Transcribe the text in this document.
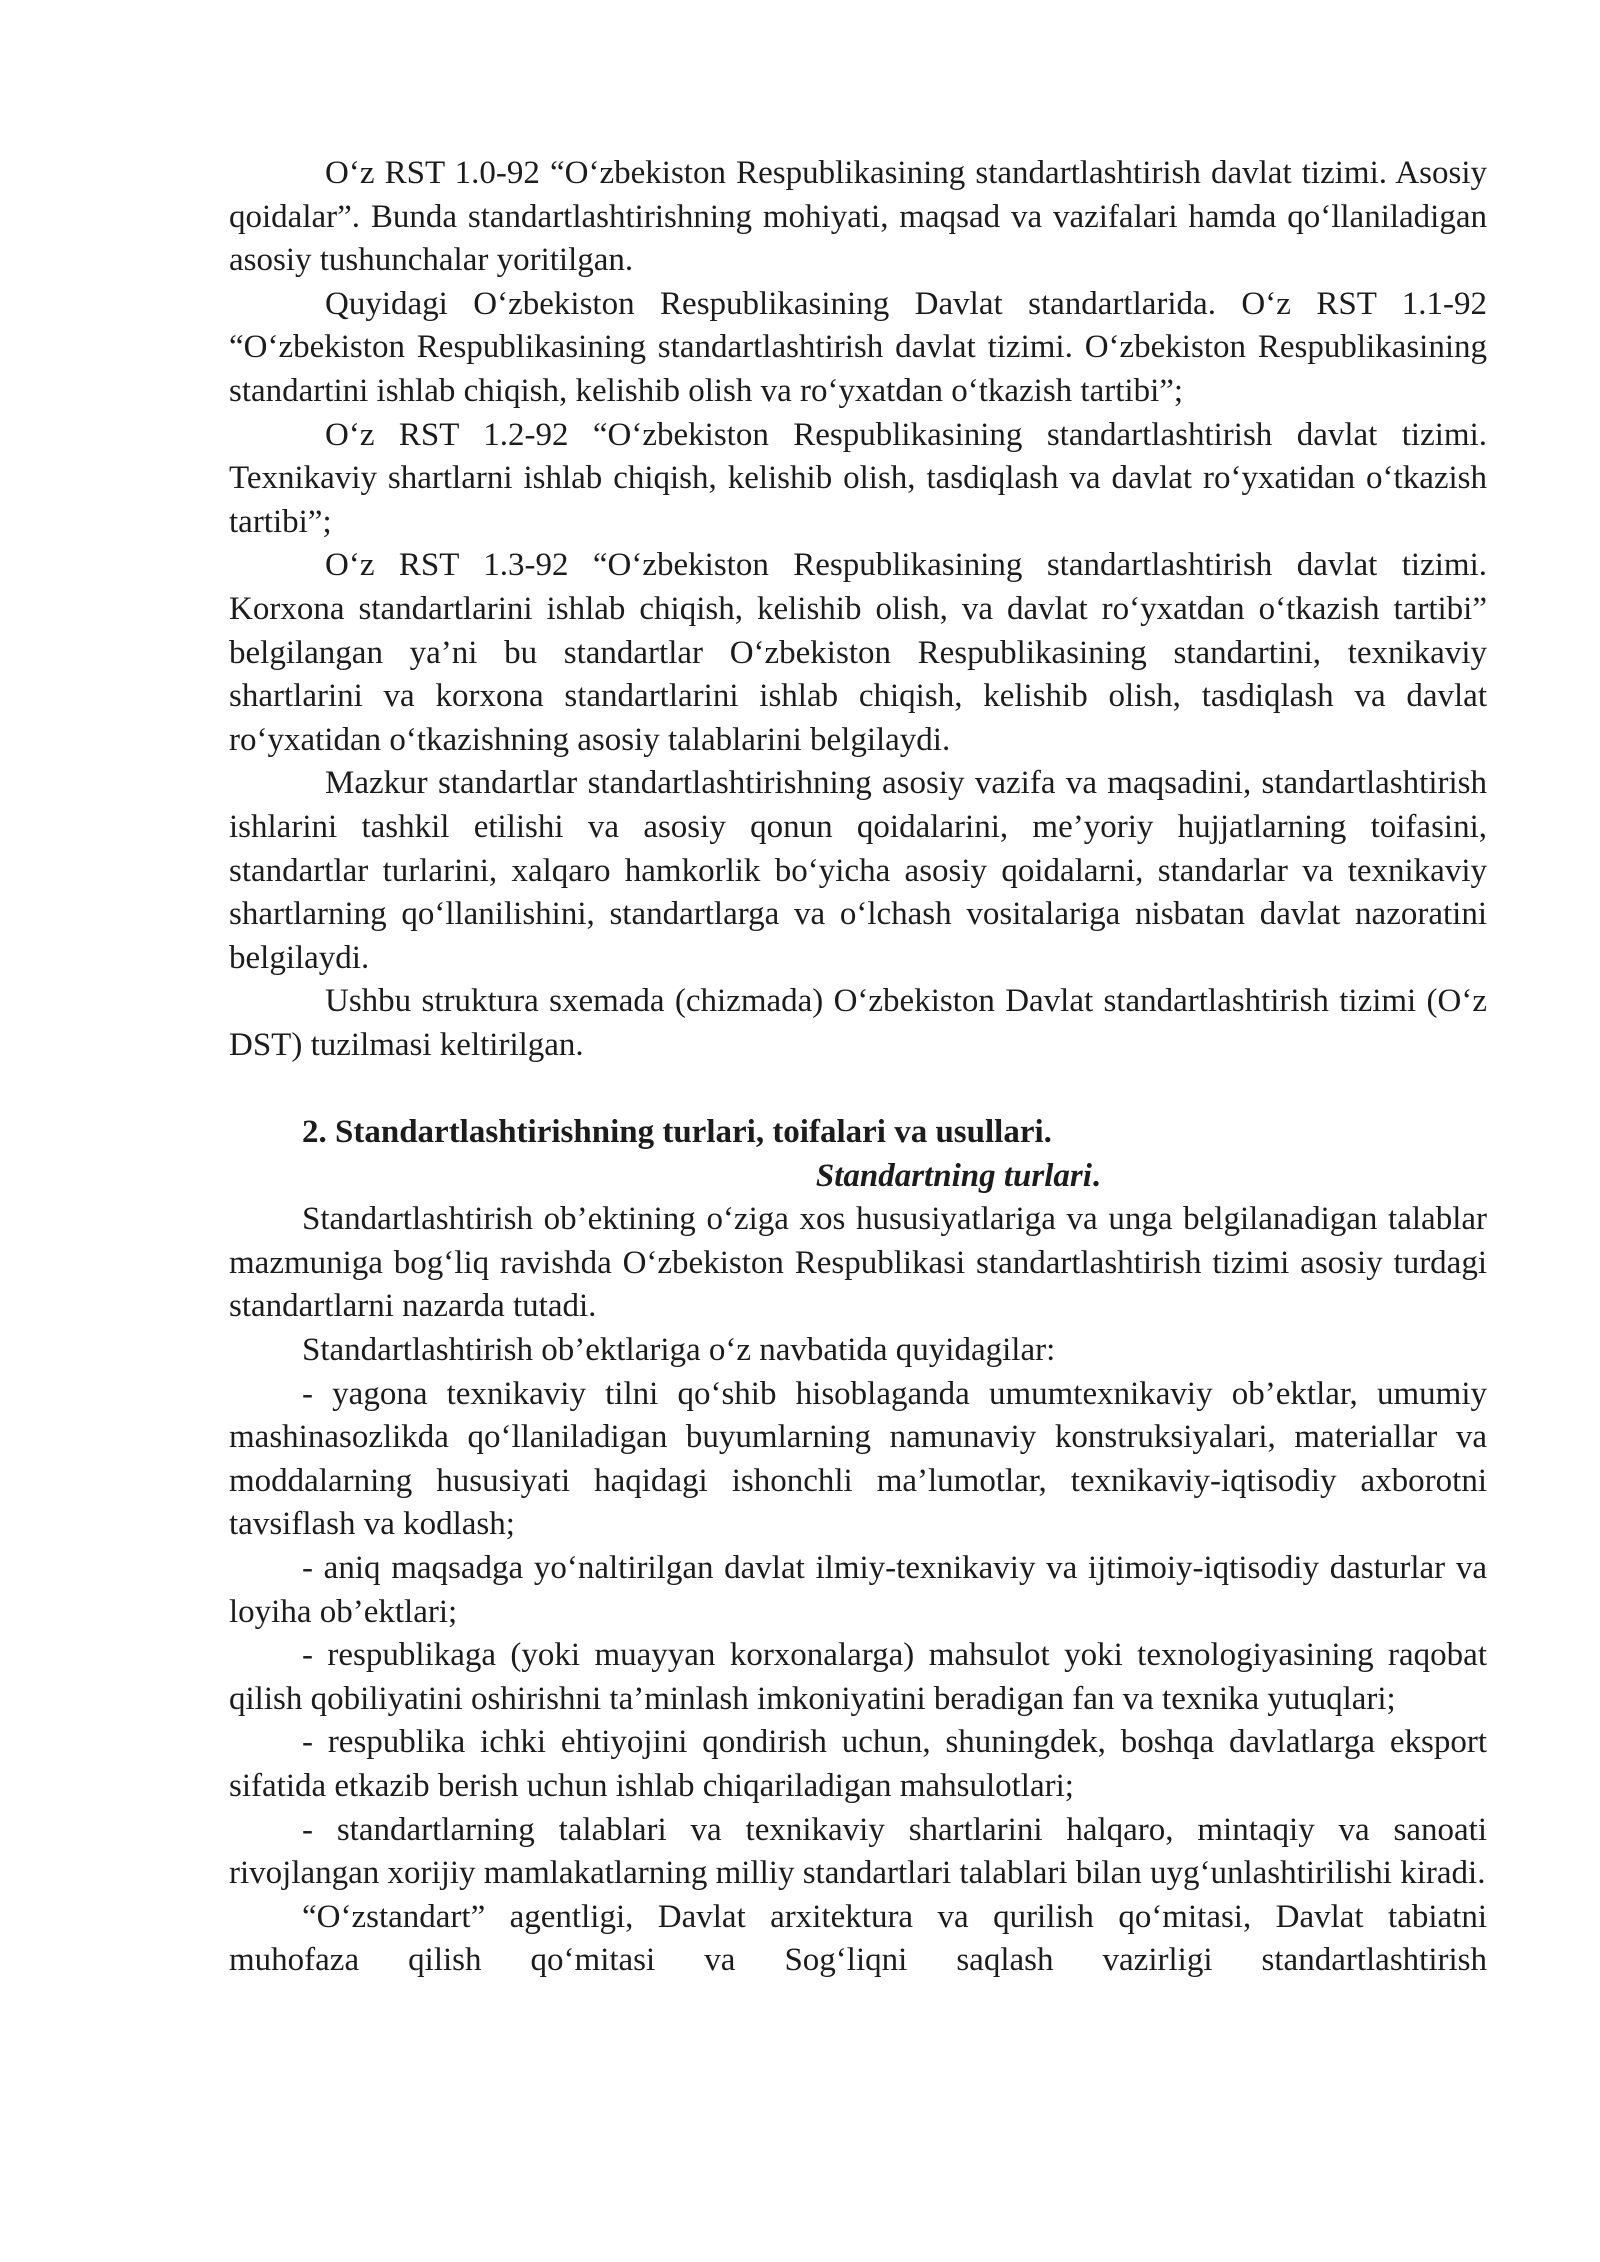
O‘z RST 1.0-92 “O‘zbekiston Respublikasining standartlashtirish davlat tizimi. Asosiy qoidalar”. Bunda standartlashtirishning mohiyati, maqsad va vazifalari hamda qo‘llaniladigan asosiy tushunchalar yoritilgan.

Quyidagi O‘zbekiston Respublikasining Davlat standartlarida. O‘z RST 1.1-92 “O‘zbekiston Respublikasining standartlashtirish davlat tizimi. O‘zbekiston Respublikasining standartini ishlab chiqish, kelishib olish va ro‘yxatdan o‘tkazish tartibi”;

O‘z RST 1.2-92 “O‘zbekiston Respublikasining standartlashtirish davlat tizimi. Texnikaviy shartlarni ishlab chiqish, kelishib olish, tasdiqlash va davlat ro‘yxatidan o‘tkazish tartibi”;

O‘z RST 1.3-92 “O‘zbekiston Respublikasining standartlashtirish davlat tizimi. Korxona standartlarini ishlab chiqish, kelishib olish, va davlat ro‘yxatdan o‘tkazish tartibi” belgilangan ya’ni bu standartlar O‘zbekiston Respublikasining standartini, texnikaviy shartlarini va korxona standartlarini ishlab chiqish, kelishib olish, tasdiqlash va davlat ro‘yxatidan o‘tkazishning asosiy talablarini belgilaydi.

Mazkur standartlar standartlashtirishning asosiy vazifa va maqsadini, standartlashtirish ishlarini tashkil etilishi va asosiy qonun qoidalarini, me’yoriy hujjatlarning toifasini, standartlar turlarini, xalqaro hamkorlik bo‘yicha asosiy qoidalarni, standarlar va texnikaviy shartlarning qo‘llanilishini, standartlarga va o‘lchash vositalariga nisbatan davlat nazoratini belgilaydi.

Ushbu struktura sxemada (chizmada) O‘zbekiston Davlat standartlashtirish tizimi (O‘z DST) tuzilmasi keltirilgan.

2. Standartlashtirishning turlari, toifalari va usullari.

Standartning turlari.

Standartlashtirish ob’ektining o‘ziga xos hususiyatlariga va unga belgilanadigan talablar mazmuniga bog‘liq ravishda O‘zbekiston Respublikasi standartlashtirish tizimi asosiy turdagi standartlarni nazarda tutadi.

Standartlashtirish ob’ektlariga o‘z navbatida quyidagilar:

- yagona texnikaviy tilni qo‘shib hisoblaganda umumtexnikaviy ob’ektlar, umumiy mashinasozlikda qo‘llaniladigan buyumlarning namunaviy konstruksiyalari, materiallar va moddalarning hususiyati haqidagi ishonchli ma’lumotlar, texnikaviy-iqtisodiy axborotni tavsiflash va kodlash;

- aniq maqsadga yo‘naltirilgan davlat ilmiy-texnikaviy va ijtimoiy-iqtisodiy dasturlar va loyiha ob’ektlari;

- respublikaga (yoki muayyan korxonalarga) mahsulot yoki texnologiyasining raqobat qilish qobiliyatini oshirishni ta’minlash imkoniyatini beradigan fan va texnika yutuqlari;

- respublika ichki ehtiyojini qondirish uchun, shuningdek, boshqa davlatlarga eksport sifatida etkazib berish uchun ishlab chiqariladigan mahsulotlari;

- standartlarning talablari va texnikaviy shartlarini halqaro, mintaqiy va sanoati rivojlangan xorijiy mamlakatlarning milliy standartlari talablari bilan uyg‘unlashtirilishi kiradi.

“O‘zstandart” agentligi, Davlat arxitektura va qurilish qo‘mitasi, Davlat tabiatni muhofaza qilish qo‘mitasi va Sog‘liqni saqlash vazirligi standartlashtirish
